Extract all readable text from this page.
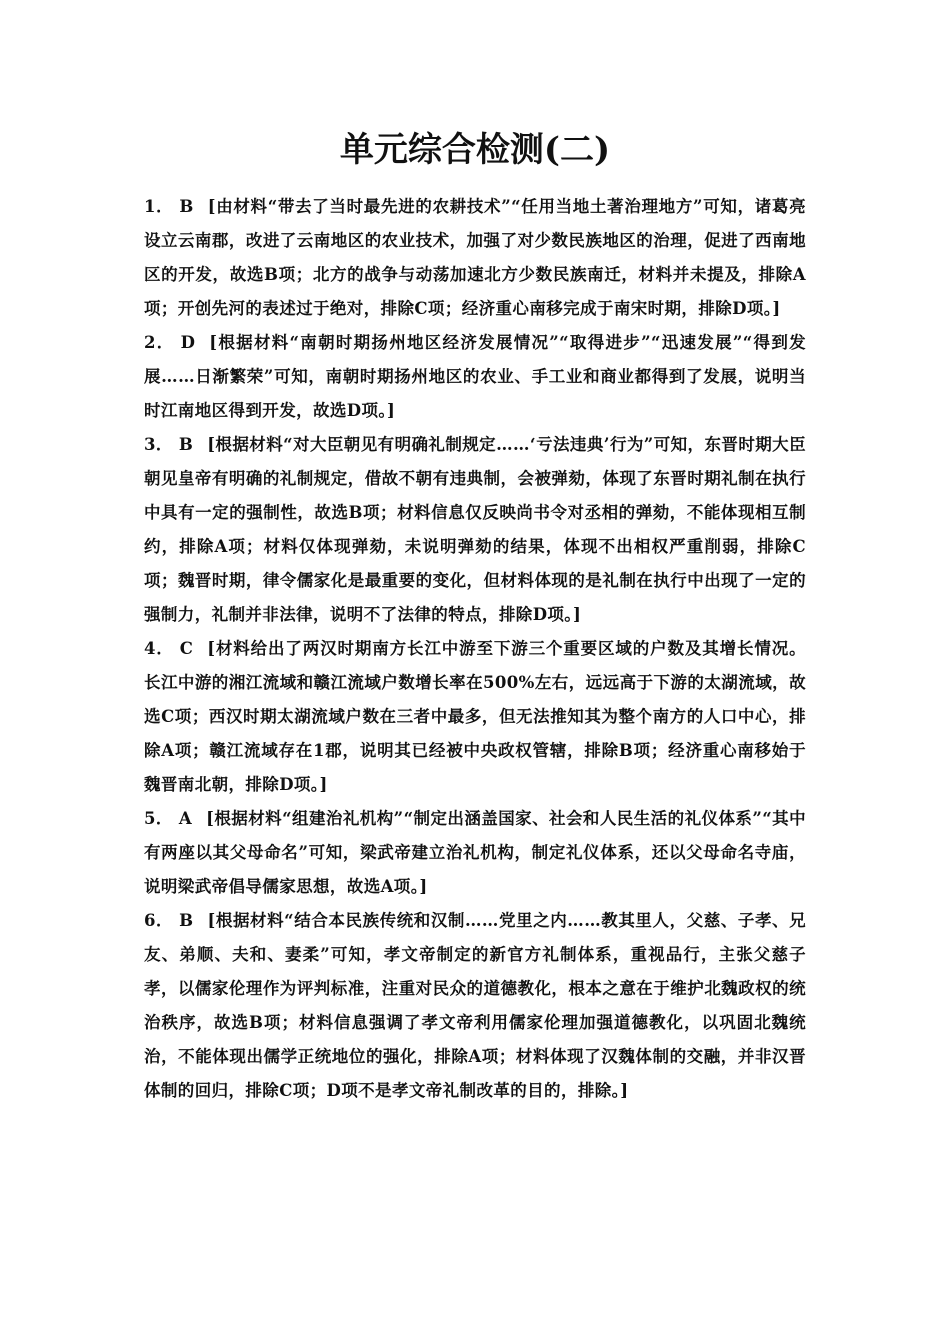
单元综合检测(二)

1． B [由材料“带去了当时最先进的农耕技术”“任用当地土著治理地方”可知，诸葛亮设立云南郡，改进了云南地区的农业技术，加强了对少数民族地区的治理，促进了西南地区的开发，故选B项；北方的战争与动荡加速北方少数民族南迁，材料并未提及，排除A项；开创先河的表述过于绝对，排除C项；经济重心南移完成于南宋时期，排除D项。]

2． D [根据材料“南朝时期扬州地区经济发展情况”“取得进步”“迅速发展”“得到发展……日渐繁荣”可知，南朝时期扬州地区的农业、手工业和商业都得到了发展，说明当时江南地区得到开发，故选D项。]

3． B [根据材料“对大臣朝见有明确礼制规定……‘亏法违典’行为”可知，东晋时期大臣朝见皇帝有明确的礼制规定，借故不朝有违典制，会被弹劾，体现了东晋时期礼制在执行中具有一定的强制性，故选B项；材料信息仅反映尚书令对丞相的弹劾，不能体现相互制约，排除A项；材料仅体现弹劾，未说明弹劾的结果，体现不出相权严重削弱，排除C项；魏晋时期，律令儒家化是最重要的变化，但材料体现的是礼制在执行中出现了一定的强制力，礼制并非法律，说明不了法律的特点，排除D项。]

4． C [材料给出了两汉时期南方长江中游至下游三个重要区域的户数及其增长情况。长江中游的湘江流域和赣江流域户数增长率在500%左右，远远高于下游的太湖流域，故选C项；西汉时期太湖流域户数在三者中最多，但无法推知其为整个南方的人口中心，排除A项；赣江流域存在1郡，说明其已经被中央政权管辖，排除B项；经济重心南移始于魏晋南北朝，排除D项。]

5． A [根据材料“组建治礼机构”“制定出涵盖国家、社会和人民生活的礼仪体系”“其中有两座以其父母命名”可知，梁武帝建立治礼机构，制定礼仪体系，还以父母命名寺庙，说明梁武帝倡导儒家思想，故选A项。]

6． B [根据材料“结合本民族传统和汉制……党里之内……教其里人，父慈、子孝、兄友、弟顺、夫和、妻柔”可知，孝文帝制定的新官方礼制体系，重视品行，主张父慈子孝，以儒家伦理作为评判标准，注重对民众的道德教化，根本之意在于维护北魏政权的统治秩序，故选B项；材料信息强调了孝文帝利用儒家伦理加强道德教化，以巩固北魏统治，不能体现出儒学正统地位的强化，排除A项；材料体现了汉魏体制的交融，并非汉晋体制的回归，排除C项；D项不是孝文帝礼制改革的目的，排除。]
